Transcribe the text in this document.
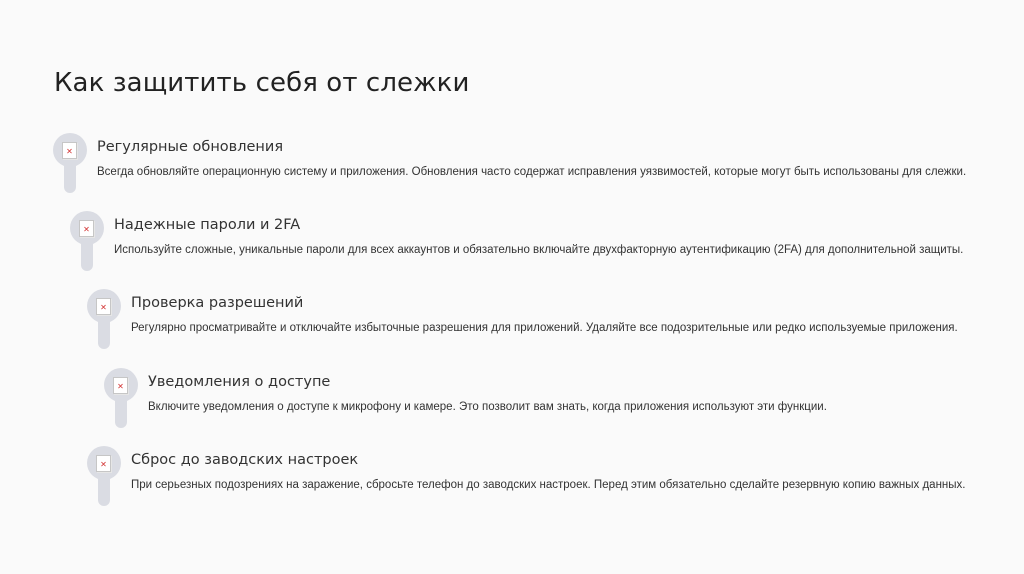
Как защитить себя от слежки
✕ Регулярные обновления
Всегда обновляйте операционную систему и приложения. Обновления часто содержат исправления уязвимостей, которые могут быть использованы для слежки.
✕ Надежные пароли и 2FA
Используйте сложные, уникальные пароли для всех аккаунтов и обязательно включайте двухфакторную аутентификацию (2FA) для дополнительной защиты.
✕ Проверка разрешений
Регулярно просматривайте и отключайте избыточные разрешения для приложений. Удаляйте все подозрительные или редко используемые приложения.
✕ Уведомления о доступе
Включите уведомления о доступе к микрофону и камере. Это позволит вам знать, когда приложения используют эти функции.
✕ Сброс до заводских настроек
При серьезных подозрениях на заражение, сбросьте телефон до заводских настроек. Перед этим обязательно сделайте резервную копию важных данных.
